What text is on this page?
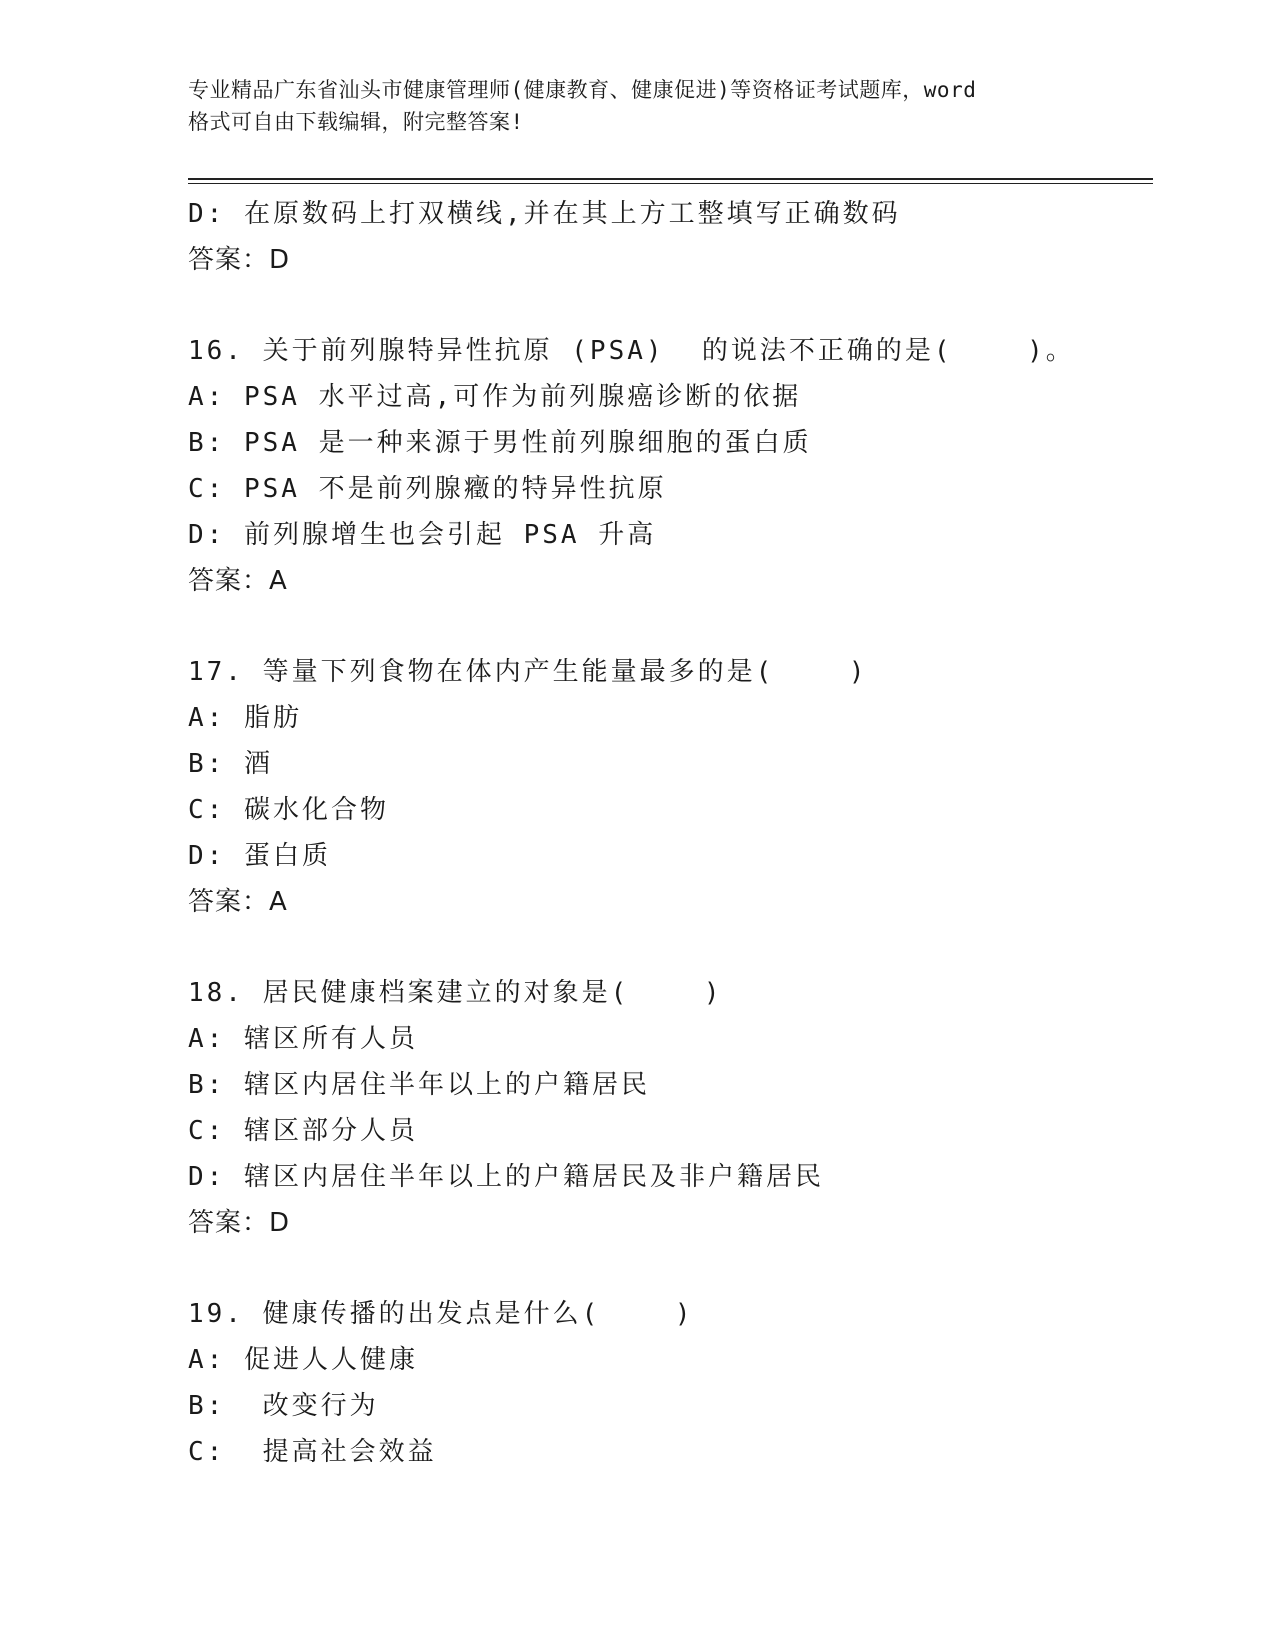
专业精品广东省汕头市健康管理师(健康教育、健康促进)等资格证考试题库，word
格式可自由下载编辑，附完整答案!
D: 在原数码上打双横线,并在其上方工整填写正确数码
答案：D
16. 关于前列腺特异性抗原 (PSA)  的说法不正确的是(    )。
A: PSA 水平过高,可作为前列腺癌诊断的依据
B: PSA 是一种来源于男性前列腺细胞的蛋白质
C: PSA 不是前列腺癥的特异性抗原
D: 前列腺增生也会引起 PSA 升高
答案：A
17. 等量下列食物在体内产生能量最多的是(    )
A: 脂肪
B: 酒
C: 碳水化合物
D: 蛋白质
答案：A
18. 居民健康档案建立的对象是(    )
A: 辖区所有人员
B: 辖区内居住半年以上的户籍居民
C: 辖区部分人员
D: 辖区内居住半年以上的户籍居民及非户籍居民
答案：D
19. 健康传播的出发点是什么(    )
A: 促进人人健康
B:  改变行为
C:  提高社会效益
